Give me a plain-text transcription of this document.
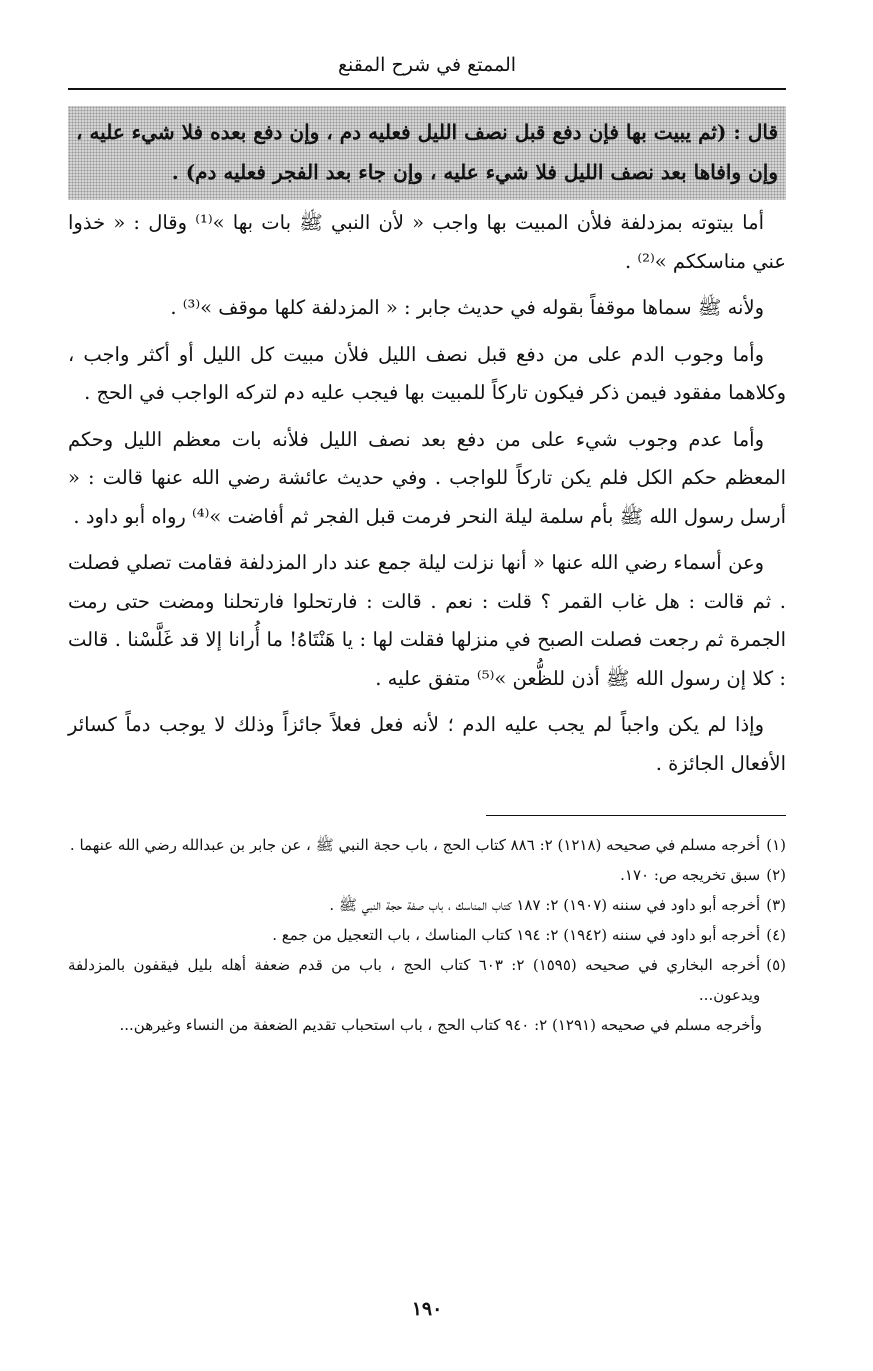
الممتع في شرح المقنع
قال : (ثم يبيت بها فإن دفع قبل نصف الليل فعليه دم ، وإن دفع بعده فلا شيء عليه ، وإن وافاها بعد نصف الليل فلا شيء عليه ، وإن جاء بعد الفجر فعليه دم) .

أما بيتوته بمزدلفة فلأن المبيت بها واجب « لأن النبي ﷺ بات بها »⁽¹⁾ وقال : « خذوا عني مناسككم »⁽²⁾ .

ولأنه ﷺ سماها موقفاً بقوله في حديث جابر : « المزدلفة كلها موقف »⁽³⁾ .

وأما وجوب الدم على من دفع قبل نصف الليل فلأن مبيت كل الليل أو أكثر واجب ، وكلاهما مفقود فيمن ذكر فيكون تاركاً للمبيت بها فيجب عليه دم لتركه الواجب في الحج .

وأما عدم وجوب شيء على من دفع بعد نصف الليل فلأنه بات معظم الليل وحكم المعظم حكم الكل فلم يكن تاركاً للواجب . وفي حديث عائشة رضي الله عنها قالت : « أرسل رسول الله ﷺ بأم سلمة ليلة النحر فرمت قبل الفجر ثم أفاضت »⁽⁴⁾ رواه أبو داود .

وعن أسماء رضي الله عنها « أنها نزلت ليلة جمع عند دار المزدلفة فقامت تصلي فصلت . ثم قالت : هل غاب القمر ؟ قلت : نعم . قالت : فارتحلوا فارتحلنا ومضت حتى رمت الجمرة ثم رجعت فصلت الصبح في منزلها فقلت لها : يا هَنْتَاهُ! ما أُرانا إلا قد غَلَّسْنا . قالت : كلا إن رسول الله ﷺ أذن للظُّعن »⁽⁵⁾ متفق عليه .

وإذا لم يكن واجباً لم يجب عليه الدم ؛ لأنه فعل فعلاً جائزاً وذلك لا يوجب دماً كسائر الأفعال الجائزة .

(١)
أخرجه مسلم في صحيحه (١٢١٨) ٢: ٨٨٦ كتاب الحج ، باب حجة النبي ﷺ ، عن جابر بن عبدالله رضي الله عنهما .
(٢)
سبق تخريجه ص: ١٧٠.
(٣)
أخرجه أبو داود في سننه (١٩٠٧) ٢: ١٨٧ كتاب المناسك ، باب صفة حجة النبي ﷺ .
(٤)
أخرجه أبو داود في سننه (١٩٤٢) ٢: ١٩٤ كتاب المناسك ، باب التعجيل من جمع .
(٥)
أخرجه البخاري في صحيحه (١٥٩٥) ٢: ٦٠٣ كتاب الحج ، باب من قدم ضعفة أهله بليل فيقفون بالمزدلفة ويدعون...
وأخرجه مسلم في صحيحه (١٢٩١) ٢: ٩٤٠ كتاب الحج ، باب استحباب تقديم الضعفة من النساء وغيرهن...
١٩٠
